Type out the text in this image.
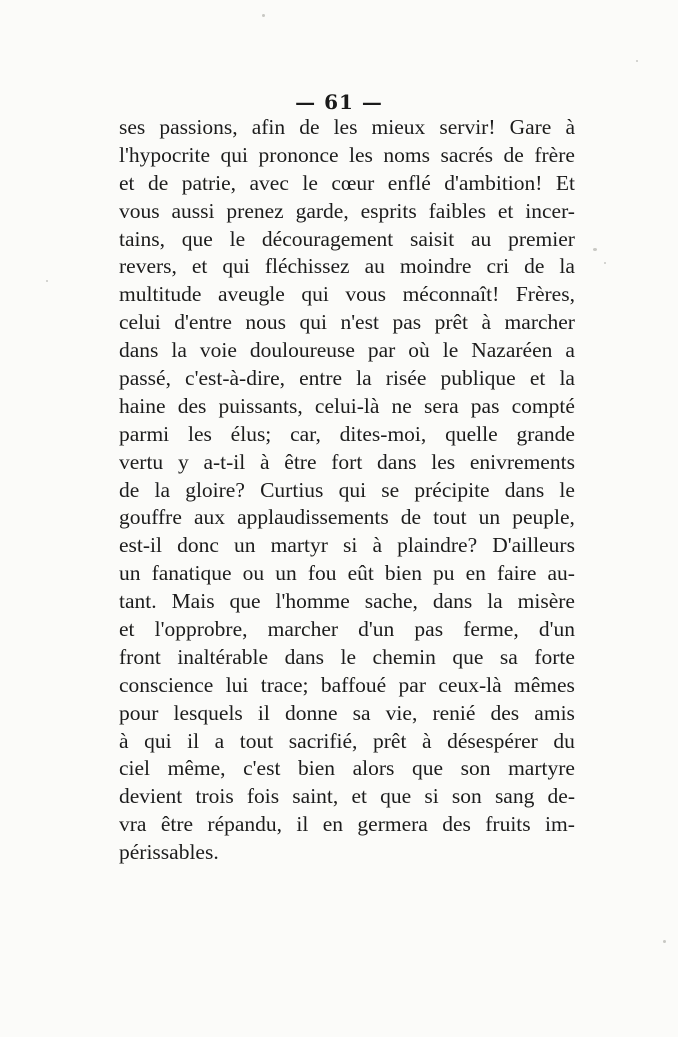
— 61 —
ses passions, afin de les mieux servir! Gare à
l'hypocrite qui prononce les noms sacrés de frère
et de patrie, avec le cœur enflé d'ambition! Et
vous aussi prenez garde, esprits faibles et incer-
tains, que le découragement saisit au premier
revers, et qui fléchissez au moindre cri de la
multitude aveugle qui vous méconnaît! Frères,
celui d'entre nous qui n'est pas prêt à marcher
dans la voie douloureuse par où le Nazaréen a
passé, c'est-à-dire, entre la risée publique et la
haine des puissants, celui-là ne sera pas compté
parmi les élus; car, dites-moi, quelle grande
vertu y a-t-il à être fort dans les enivrements
de la gloire? Curtius qui se précipite dans le
gouffre aux applaudissements de tout un peuple,
est-il donc un martyr si à plaindre? D'ailleurs
un fanatique ou un fou eût bien pu en faire au-
tant. Mais que l'homme sache, dans la misère
et l'opprobre, marcher d'un pas ferme, d'un
front inaltérable dans le chemin que sa forte
conscience lui trace; baffoué par ceux-là mêmes
pour lesquels il donne sa vie, renié des amis
à qui il a tout sacrifié, prêt à désespérer du
ciel même, c'est bien alors que son martyre
devient trois fois saint, et que si son sang de-
vra être répandu, il en germera des fruits im-
périssables.
